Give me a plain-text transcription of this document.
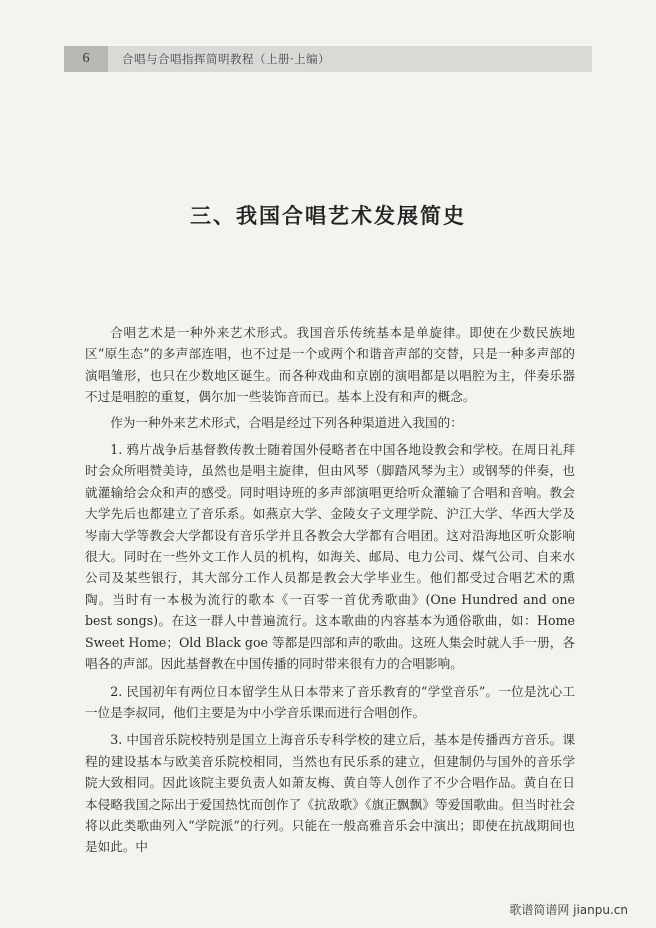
6	合唱与合唱指挥简明教程（上册·上编）
三、我国合唱艺术发展简史

合唱艺术是一种外来艺术形式。我国音乐传统基本是单旋律。即使在少数民族地区“原生态”的多声部连唱，也不过是一个或两个和谐音声部的交替，只是一种多声部的演唱雏形，也只在少数地区诞生。而各种戏曲和京剧的演唱都是以唱腔为主，伴奏乐器不过是唱腔的重复，偶尔加一些装饰音而已。基本上没有和声的概念。

作为一种外来艺术形式，合唱是经过下列各种渠道进入我国的：

1. 鸦片战争后基督教传教士随着国外侵略者在中国各地设教会和学校。在周日礼拜时会众所唱赞美诗，虽然也是唱主旋律，但由风琴（脚踏风琴为主）或钢琴的伴奏，也就灌输给会众和声的感受。同时唱诗班的多声部演唱更给听众灌输了合唱和音响。教会大学先后也都建立了音乐系。如燕京大学、金陵女子文理学院、沪江大学、华西大学及岑南大学等教会大学都设有音乐学并且各教会大学都有合唱团。这对沿海地区听众影响很大。同时在一些外文工作人员的机构，如海关、邮局、电力公司、煤气公司、自来水公司及某些银行，其大部分工作人员都是教会大学毕业生。他们都受过合唱艺术的熏陶。当时有一本极为流行的歌本《一百零一首优秀歌曲》(One Hundred and one best songs)。在这一群人中普遍流行。这本歌曲的内容基本为通俗歌曲，如：Home Sweet Home；Old Black goe 等都是四部和声的歌曲。这班人集会时就人手一册，各唱各的声部。因此基督教在中国传播的同时带来很有力的合唱影响。

2. 民国初年有两位日本留学生从日本带来了音乐教育的“学堂音乐”。一位是沈心工一位是李叔同，他们主要是为中小学音乐课而进行合唱创作。

3. 中国音乐院校特别是国立上海音乐专科学校的建立后，基本是传播西方音乐。课程的建设基本与欧美音乐院校相同，当然也有民乐系的建立，但建制仍与国外的音乐学院大致相同。因此该院主要负责人如萧友梅、黄自等人创作了不少合唱作品。黄自在日本侵略我国之际出于爱国热忱而创作了《抗敌歌》《旗正飘飘》等爱国歌曲。但当时社会将以此类歌曲列入“学院派”的行列。只能在一般高雅音乐会中演出；即使在抗战期间也是如此。中

歌谱简谱网 jianpu.cn
